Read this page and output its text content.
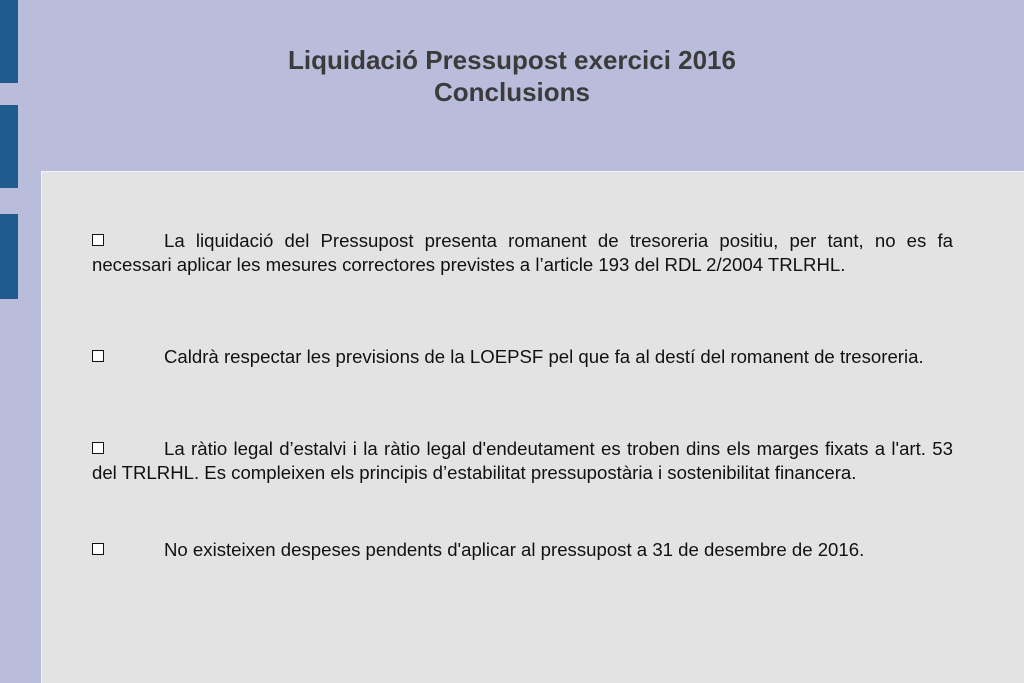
Liquidació Pressupost exercici 2016
Conclusions
La liquidació del Pressupost presenta romanent de tresoreria positiu, per tant, no es fa necessari aplicar les mesures correctores previstes a l’article 193 del RDL 2/2004 TRLRHL.
Caldrà respectar les previsions de la LOEPSF pel que fa al destí del romanent de tresoreria.
La ràtio legal d’estalvi i la ràtio legal d'endeutament es troben dins els marges fixats a l'art. 53 del TRLRHL. Es compleixen els principis d’estabilitat pressupostària i sostenibilitat financera.
No existeixen despeses pendents d'aplicar al pressupost a 31 de desembre de 2016.
